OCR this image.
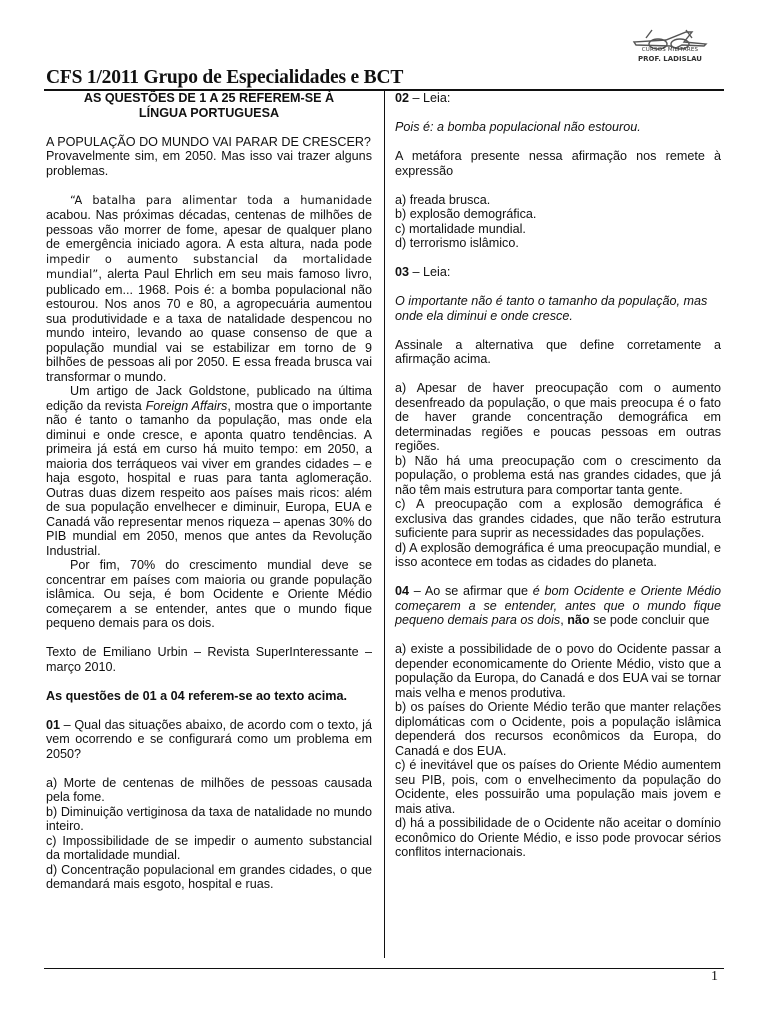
CURSOS MILITARES
PROF. LADISLAU
CFS 1/2011 Grupo de Especialidades e BCT

AS QUESTÕES DE 1 A 25 REFEREM-SE À LÍNGUA PORTUGUESA

A POPULAÇÃO DO MUNDO VAI PARAR DE CRESCER?

Provavelmente sim, em 2050. Mas isso vai trazer alguns problemas.

“A batalha para alimentar toda a humanidade acabou. Nas próximas décadas, centenas de milhões de pessoas vão morrer de fome, apesar de qualquer plano de emergência iniciado agora. A esta altura, nada pode impedir o aumento substancial da mortalidade mundial”, alerta Paul Ehrlich em seu mais famoso livro, publicado em... 1968. Pois é: a bomba populacional não estourou. Nos anos 70 e 80, a agropecuária aumentou sua produtividade e a taxa de natalidade despencou no mundo inteiro, levando ao quase consenso de que a população mundial vai se estabilizar em torno de 9 bilhões de pessoas ali por 2050. E essa freada brusca vai transformar o mundo.

Um artigo de Jack Goldstone, publicado na última edição da revista Foreign Affairs, mostra que o importante não é tanto o tamanho da população, mas onde ela diminui e onde cresce, e aponta quatro tendências. A primeira já está em curso há muito tempo: em 2050, a maioria dos terráqueos vai viver em grandes cidades – e haja esgoto, hospital e ruas para tanta aglomeração. Outras duas dizem respeito aos países mais ricos: além de sua população envelhecer e diminuir, Europa, EUA e Canadá vão representar menos riqueza – apenas 30% do PIB mundial em 2050, menos que antes da Revolução Industrial.

Por fim, 70% do crescimento mundial deve se concentrar em países com maioria ou grande população islâmica. Ou seja, é bom Ocidente e Oriente Médio começarem a se entender, antes que o mundo fique pequeno demais para os dois.

Texto de Emiliano Urbin – Revista SuperInteressante – março 2010.

As questões de 01 a 04 referem-se ao texto acima.

01 – Qual das situações abaixo, de acordo com o texto, já vem ocorrendo e se configurará como um problema em 2050?

a) Morte de centenas de milhões de pessoas causada pela fome.

b) Diminuição vertiginosa da taxa de natalidade no mundo inteiro.

c) Impossibilidade de se impedir o aumento substancial da mortalidade mundial.

d) Concentração populacional em grandes cidades, o que demandará mais esgoto, hospital e ruas.

02 – Leia:

Pois é: a bomba populacional não estourou.

A metáfora presente nessa afirmação nos remete à expressão

a) freada brusca.

b) explosão demográfica.

c) mortalidade mundial.

d) terrorismo islâmico.

03 – Leia:

O importante não é tanto o tamanho da população, mas onde ela diminui e onde cresce.

Assinale a alternativa que define corretamente a afirmação acima.

a) Apesar de haver preocupação com o aumento desenfreado da população, o que mais preocupa é o fato de haver grande concentração demográfica em determinadas regiões e poucas pessoas em outras regiões.

b) Não há uma preocupação com o crescimento da população, o problema está nas grandes cidades, que já não têm mais estrutura para comportar tanta gente.

c) A preocupação com a explosão demográfica é exclusiva das grandes cidades, que não terão estrutura suficiente para suprir as necessidades das populações.

d) A explosão demográfica é uma preocupação mundial, e isso acontece em todas as cidades do planeta.

04 – Ao se afirmar que é bom Ocidente e Oriente Médio começarem a se entender, antes que o mundo fique pequeno demais para os dois, não se pode concluir que

a) existe a possibilidade de o povo do Ocidente passar a depender economicamente do Oriente Médio, visto que a população da Europa, do Canadá e dos EUA vai se tornar mais velha e menos produtiva.

b) os países do Oriente Médio terão que manter relações diplomáticas com o Ocidente, pois a população islâmica dependerá dos recursos econômicos da Europa, do Canadá e dos EUA.

c) é inevitável que os países do Oriente Médio aumentem seu PIB, pois, com o envelhecimento da população do Ocidente, eles possuirão uma população mais jovem e mais ativa.

d) há a possibilidade de o Ocidente não aceitar o domínio econômico do Oriente Médio, e isso pode provocar sérios conflitos internacionais.

1
